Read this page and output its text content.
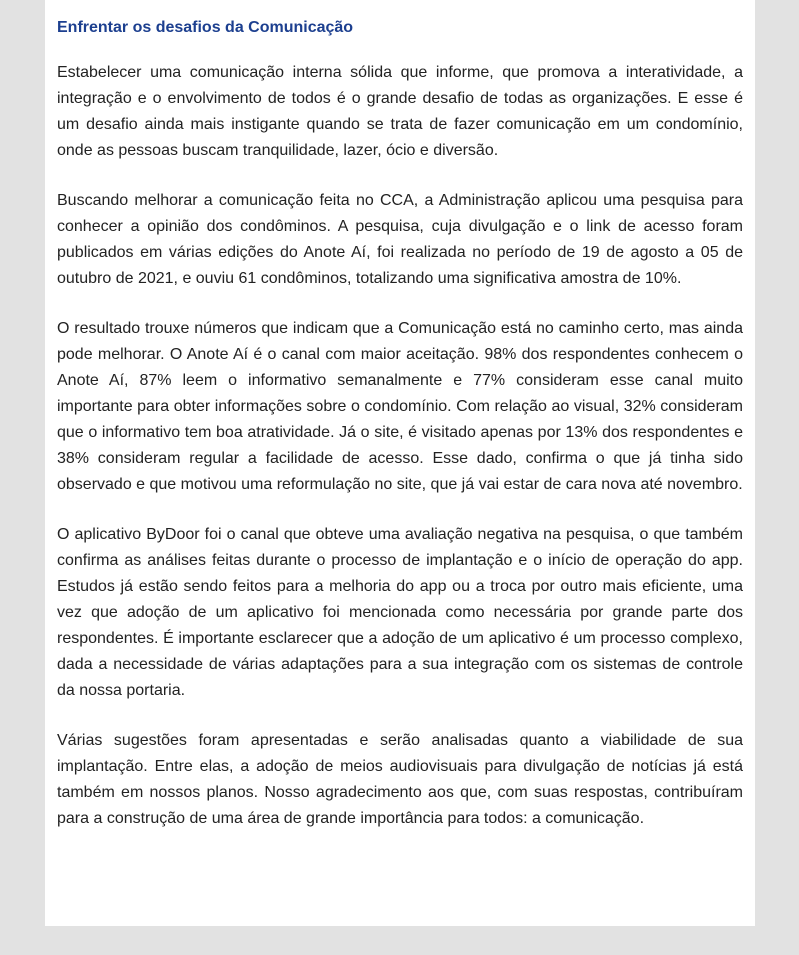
Enfrentar os desafios da Comunicação

Estabelecer uma comunicação interna sólida que informe, que promova a interatividade, a integração e o envolvimento de todos é o grande desafio de todas as organizações. E esse é um desafio ainda mais instigante quando se trata de fazer comunicação em um condomínio, onde as pessoas buscam tranquilidade, lazer, ócio e diversão.

Buscando melhorar a comunicação feita no CCA, a Administração aplicou uma pesquisa para conhecer a opinião dos condôminos. A pesquisa, cuja divulgação e o link de acesso foram publicados em várias edições do Anote Aí, foi realizada no período de 19 de agosto a 05 de outubro de 2021, e ouviu 61 condôminos, totalizando uma significativa amostra de 10%.

O resultado trouxe números que indicam que a Comunicação está no caminho certo, mas ainda pode melhorar. O Anote Aí é o canal com maior aceitação. 98% dos respondentes conhecem o Anote Aí, 87% leem o informativo semanalmente e 77% consideram esse canal muito importante para obter informações sobre o condomínio. Com relação ao visual, 32% consideram que o informativo tem boa atratividade. Já o site, é visitado apenas por 13% dos respondentes e 38% consideram regular a facilidade de acesso. Esse dado, confirma o que já tinha sido observado e que motivou uma reformulação no site, que já vai estar de cara nova até novembro.

O aplicativo ByDoor foi o canal que obteve uma avaliação negativa na pesquisa, o que também confirma as análises feitas durante o processo de implantação e o início de operação do app. Estudos já estão sendo feitos para a melhoria do app ou a troca por outro mais eficiente, uma vez que adoção de um aplicativo foi mencionada como necessária por grande parte dos respondentes. É importante esclarecer que a adoção de um aplicativo é um processo complexo, dada a necessidade de várias adaptações para a sua integração com os sistemas de controle da nossa portaria.

Várias sugestões foram apresentadas e serão analisadas quanto a viabilidade de sua implantação. Entre elas, a adoção de meios audiovisuais para divulgação de notícias já está também em nossos planos. Nosso agradecimento aos que, com suas respostas, contribuíram para a construção de uma área de grande importância para todos: a comunicação.
